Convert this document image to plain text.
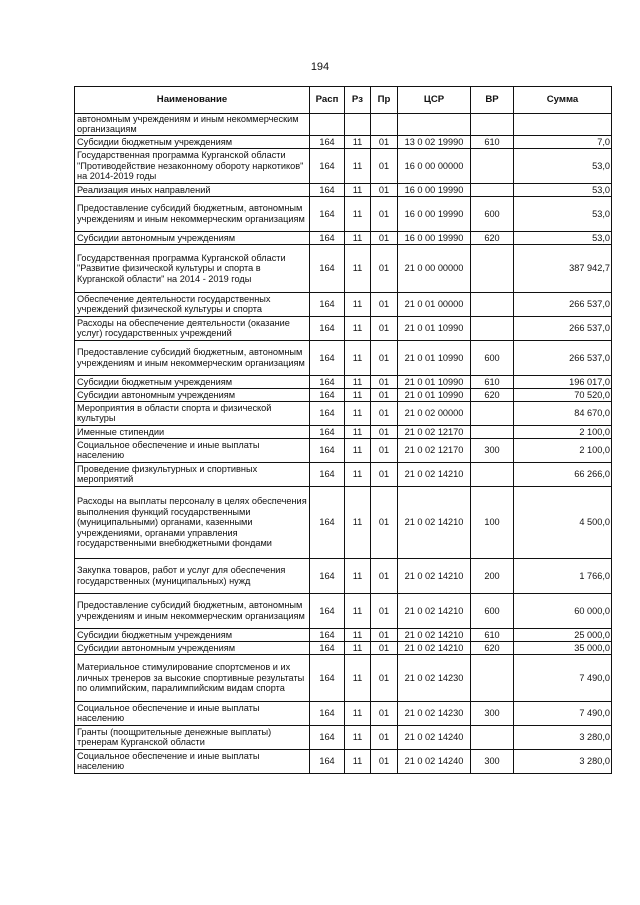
194
Наименование	Расп	Рз	Пр	ЦСР	ВР	Сумма
автономным учреждениям и иным некоммерческим организациям						
Субсидии бюджетным учреждениям	164	11	01	13 0 02 19990	610	7,0
Государственная программа Курганской области "Противодействие незаконному обороту наркотиков" на 2014-2019 годы	164	11	01	16 0 00 00000		53,0
Реализация иных направлений	164	11	01	16 0 00 19990		53,0
Предоставление субсидий бюджетным, автономным учреждениям и иным некоммерческим организациям	164	11	01	16 0 00 19990	600	53,0
Субсидии автономным учреждениям	164	11	01	16 0 00 19990	620	53,0
Государственная программа Курганской области "Развитие физической культуры и спорта в Курганской области" на 2014 - 2019 годы	164	11	01	21 0 00 00000		387 942,7
Обеспечение деятельности государственных учреждений физической культуры и спорта	164	11	01	21 0 01 00000		266 537,0
Расходы на обеспечение деятельности (оказание услуг) государственных учреждений	164	11	01	21 0 01 10990		266 537,0
Предоставление субсидий бюджетным, автономным учреждениям и иным некоммерческим организациям	164	11	01	21 0 01 10990	600	266 537,0
Субсидии бюджетным учреждениям	164	11	01	21 0 01 10990	610	196 017,0
Субсидии автономным учреждениям	164	11	01	21 0 01 10990	620	70 520,0
Мероприятия в области спорта и физической культуры	164	11	01	21 0 02 00000		84 670,0
Именные стипендии	164	11	01	21 0 02 12170		2 100,0
Социальное обеспечение и иные выплаты населению	164	11	01	21 0 02 12170	300	2 100,0
Проведение физкультурных и спортивных мероприятий	164	11	01	21 0 02 14210		66 266,0
Расходы на выплаты персоналу в целях обеспечения выполнения функций государственными (муниципальными) органами, казенными учреждениями, органами управления государственными внебюджетными фондами	164	11	01	21 0 02 14210	100	4 500,0
Закупка товаров, работ и услуг для обеспечения государственных (муниципальных) нужд	164	11	01	21 0 02 14210	200	1 766,0
Предоставление субсидий бюджетным, автономным учреждениям и иным некоммерческим организациям	164	11	01	21 0 02 14210	600	60 000,0
Субсидии бюджетным учреждениям	164	11	01	21 0 02 14210	610	25 000,0
Субсидии автономным учреждениям	164	11	01	21 0 02 14210	620	35 000,0
Материальное стимулирование спортсменов и их личных тренеров за высокие спортивные результаты по олимпийским, паралимпийским видам спорта	164	11	01	21 0 02 14230		7 490,0
Социальное обеспечение и иные выплаты населению	164	11	01	21 0 02 14230	300	7 490,0
Гранты (поощрительные денежные выплаты) тренерам Курганской области	164	11	01	21 0 02 14240		3 280,0
Социальное обеспечение и иные выплаты населению	164	11	01	21 0 02 14240	300	3 280,0
